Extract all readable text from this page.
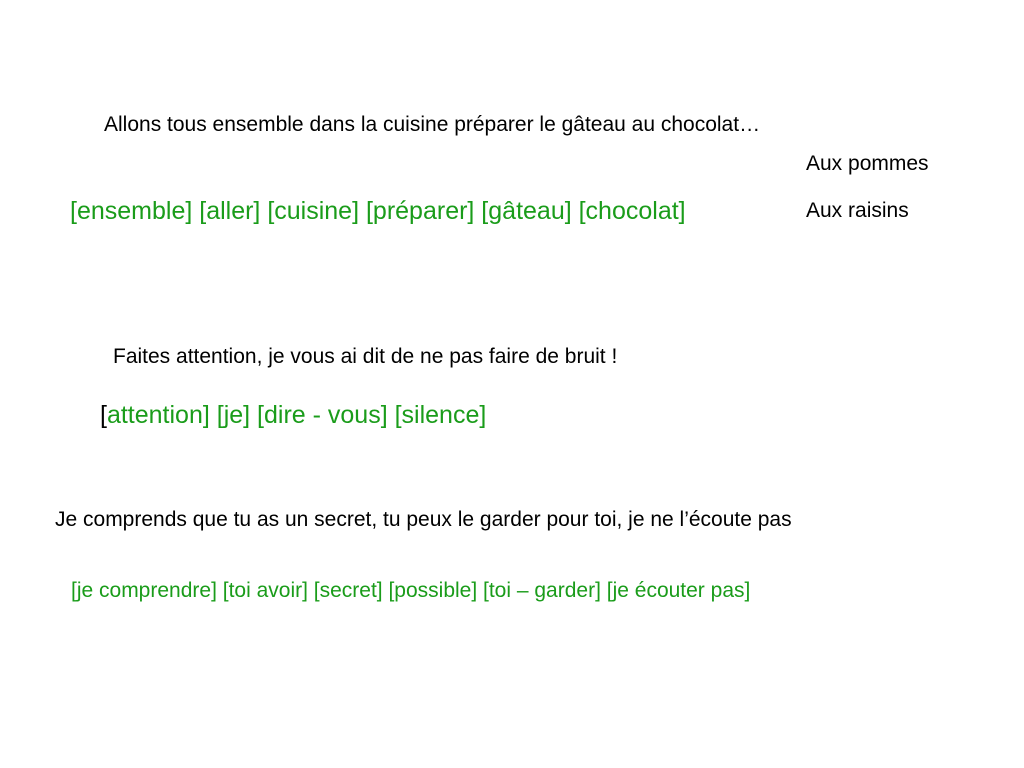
Allons tous ensemble dans la cuisine préparer le gâteau au chocolat…
Aux pommes
Aux raisins
[ensemble] [aller] [cuisine] [préparer] [gâteau] [chocolat]
Faites attention, je vous ai dit de ne pas faire de bruit !
[attention] [je] [dire - vous] [silence]
Je comprends que tu as un secret, tu peux le garder pour toi, je ne l’écoute pas
[je comprendre] [toi avoir] [secret] [possible] [toi – garder] [je écouter pas]
